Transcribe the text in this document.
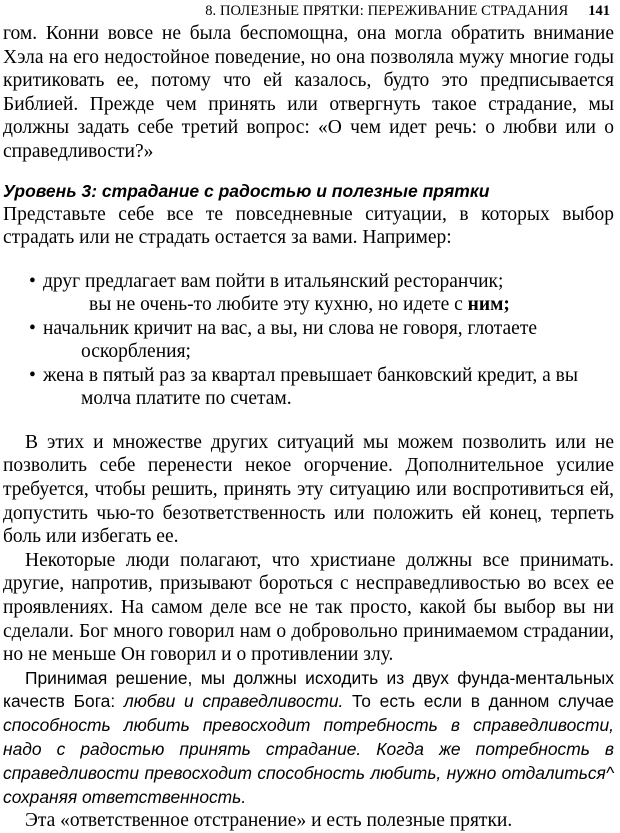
8. ПОЛЕЗНЫЕ ПРЯТКИ: ПЕРЕЖИВАНИЕ СТРАДАНИЯ 141

гом. Конни вовсе не была беспомощна, она могла обратить внимание Хэла на его недостойное поведение, но она позволяла мужу многие годы критиковать ее, потому что ей казалось, будто это предписывается Библией. Прежде чем принять или отвергнуть такое страдание, мы должны задать себе третий вопрос: «О чем идет речь: о любви или о справедливости?»

Уровень 3: страдание с радостью и полезные прятки

Представьте себе все те повседневные ситуации, в которых выбор страдать или не страдать остается за вами. Например:

• друг предлагает вам пойти в итальянский ресторанчик;
вы не очень-то любите эту кухню, но идете с ним;
• начальник кричит на вас, а вы, ни слова не говоря, глотаете
оскорбления;
• жена в пятый раз за квартал превышает банковский кредит, а вы
молча платите по счетам.

В этих и множестве других ситуаций мы можем позволить или не позволить себе перенести некое огорчение. Дополнительное усилие требуется, чтобы решить, принять эту ситуацию или воспротивиться ей, допустить чью-то безответственность или положить ей конец, терпеть боль или избегать ее.

Некоторые люди полагают, что христиане должны все принимать. другие, напротив, призывают бороться с несправедливостью во всех ее проявлениях. На самом деле все не так просто, какой бы выбор вы ни сделали. Бог много говорил нам о добровольно принимаемом страдании, но не меньше Он говорил и о противлении злу.

Принимая решение, мы должны исходить из двух фунда-ментальных качеств Бога: любви и справедливости. То есть если в данном случае способность любить превосходит потребность в справедливости, надо с радостью принять страдание. Когда же потребность в справедливости превосходит способность любить, нужно отдалиться^ сохраняя ответственность.

Эта «ответственное отстранение» и есть полезные прятки.
